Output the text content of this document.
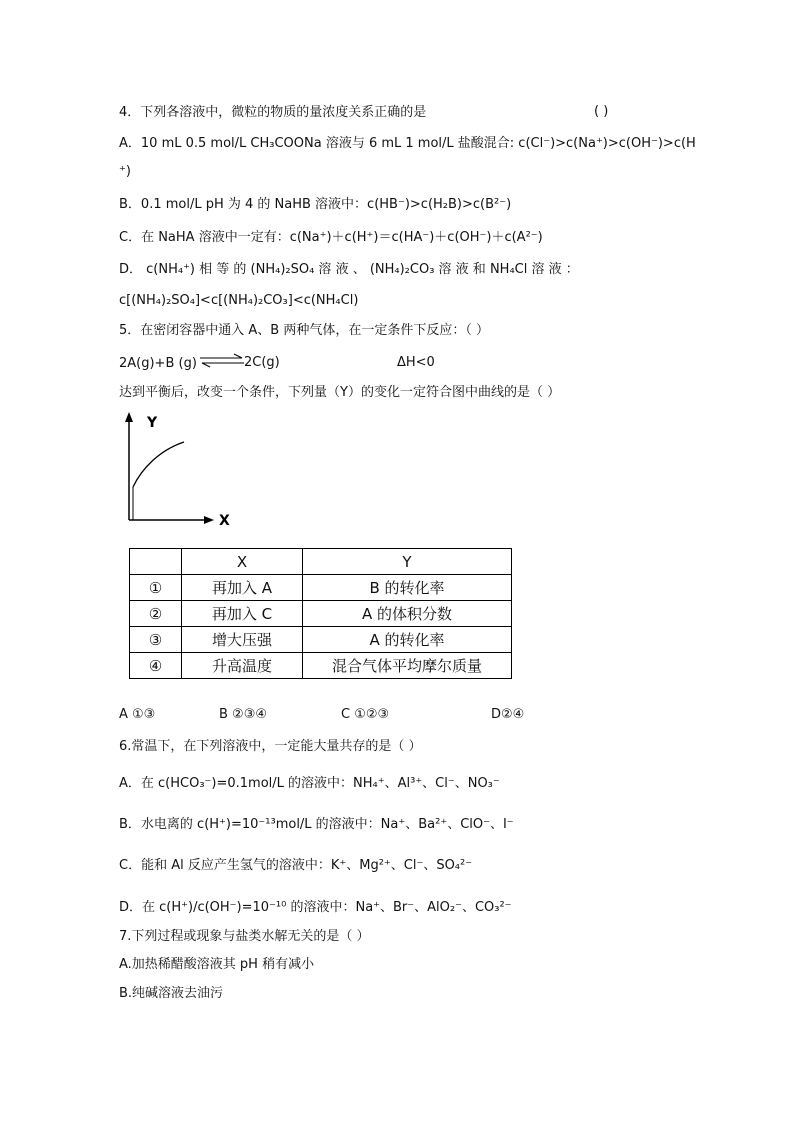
4．下列各溶液中，微粒的物质的量浓度关系正确的是	( )
A．10 mL 0.5 mol/L CH₃COONa 溶液与 6 mL 1 mol/L 盐酸混合: c(Cl⁻)>c(Na⁺)>c(OH⁻)>c(H
⁺)
B．0.1 mol/L pH 为 4 的 NaHB 溶液中：c(HB⁻)>c(H₂B)>c(B²⁻)
C．在 NaHA 溶液中一定有：c(Na⁺)＋c(H⁺)＝c(HA⁻)＋c(OH⁻)＋c(A²⁻)
D． c(NH₄⁺) 相 等 的 (NH₄)₂SO₄ 溶 液 、 (NH₄)₂CO₃ 溶 液 和 NH₄Cl 溶 液 ：
c[(NH₄)₂SO₄]<c[(NH₄)₂CO₃]<c(NH₄Cl)
5．在密闭容器中通入 A、B 两种气体，在一定条件下反应：（ ）
2A(g)+B (g) ⇌
2C(g)	ΔH<0
达到平衡后，改变一个条件，下列量（Y）的变化一定符合图中曲线的是（ ）
Y
X
	X	Y
①	再加入 A	B 的转化率
②	再加入 C	A 的体积分数
③	增大压强	A 的转化率
④	升高温度	混合气体平均摩尔质量
A ①③	B ②③④	C ①②③	D②④
6.常温下，在下列溶液中，一定能大量共存的是（ ）
A．在 c(HCO₃⁻)=0.1mol/L 的溶液中：NH₄⁺、Al³⁺、Cl⁻、NO₃⁻
B．水电离的 c(H⁺)=10⁻¹³mol/L 的溶液中：Na⁺、Ba²⁺、ClO⁻、I⁻
C．能和 Al 反应产生氢气的溶液中：K⁺、Mg²⁺、Cl⁻、SO₄²⁻
D．在 c(H⁺)/c(OH⁻)=10⁻¹⁰ 的溶液中：Na⁺、Br⁻、AlO₂⁻、CO₃²⁻
7.下列过程或现象与盐类水解无关的是（ ）
A.加热稀醋酸溶液其 pH 稍有减小
B.纯碱溶液去油污
